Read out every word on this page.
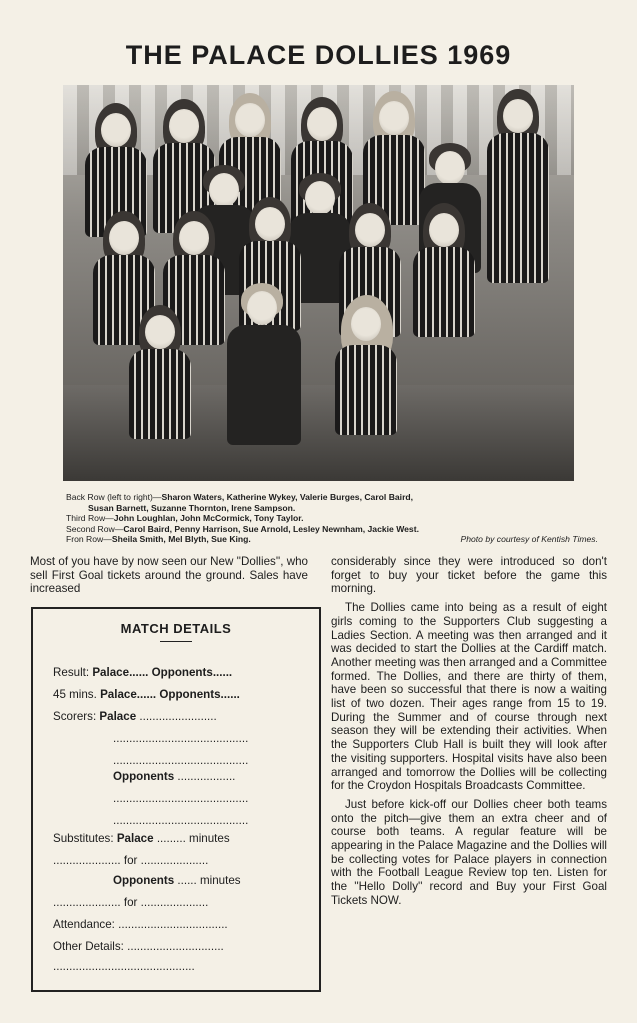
THE PALACE DOLLIES 1969
Back Row (left to right)—Sharon Waters, Katherine Wykey, Valerie Burges, Carol Baird,
Susan Barnett, Suzanne Thornton, Irene Sampson.
Third Row—John Loughlan, John McCormick, Tony Taylor.
Second Row—Carol Baird, Penny Harrison, Sue Arnold, Lesley Newnham, Jackie West.
Fron Row—Sheila Smith, Mel Blyth, Sue King.	Photo by courtesy of Kentish Times.
Most of you have by now seen our New ''Dollies'', who sell First Goal tickets around the ground. Sales have increased
MATCH DETAILS
Result: Palace...... Opponents......
45 mins. Palace...... Opponents......
Scorers: Palace ........................
..........................................
..........................................
Opponents ..................
..........................................
..........................................
Substitutes: Palace ......... minutes
..................... for .....................
Opponents ...... minutes
..................... for .....................
Attendance: ..................................
Other Details: ..............................
............................................

considerably since they were introduced so don't forget to buy your ticket before the game this morning.

The Dollies came into being as a result of eight girls coming to the Supporters Club suggesting a Ladies Section. A meeting was then arranged and it was decided to start the Dollies at the Cardiff match. Another meeting was then arranged and a Committee formed. The Dollies, and there are thirty of them, have been so successful that there is now a waiting list of two dozen. Their ages range from 15 to 19. During the Summer and of course through next season they will be extending their activities. When the Supporters Club Hall is built they will look after the visiting supporters. Hospital visits have also been arranged and tomorrow the Dollies will be collecting for the Croydon Hospitals Broadcasts Committee.

Just before kick-off our Dollies cheer both teams onto the pitch—give them an extra cheer and of course both teams. A regular feature will be appearing in the Palace Magazine and the Dollies will be collecting votes for Palace players in connection with the Football League Review top ten. Listen for the ''Hello Dolly'' record and Buy your First Goal Tickets NOW.
